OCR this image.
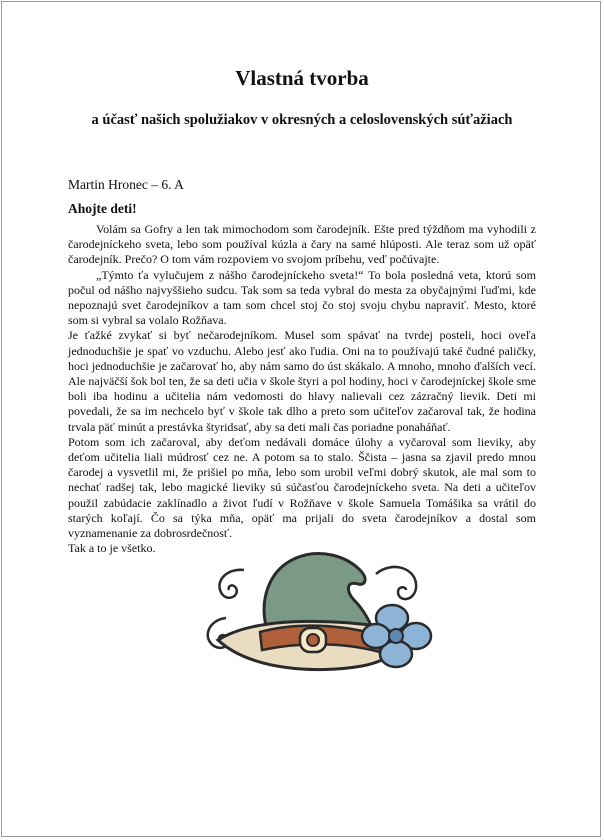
Vlastná tvorba
a účasť našich spolužiakov v okresných a celoslovenských súťažiach

Martin Hronec – 6. A

Ahojte deti!

Volám sa Gofry a len tak mimochodom som čarodejník. Ešte pred týždňom ma vyhodili z čarodejníckeho sveta, lebo som používal kúzla a čary na samé hlúposti. Ale teraz som už opäť čarodejník. Prečo? O tom vám rozpoviem vo svojom príbehu, veď počúvajte.

„Týmto ťa vylučujem z nášho čarodejníckeho sveta!“ To bola posledná veta, ktorú som počul od nášho najvyššieho sudcu. Tak som sa teda vybral do mesta za obyčajnými ľuďmi, kde nepoznajú svet čarodejníkov a tam som chcel stoj čo stoj svoju chybu napraviť. Mesto, ktoré som si vybral sa volalo Rožňava.

Je ťažké zvykať si byť nečarodejníkom. Musel som spávať na tvrdej posteli, hoci oveľa jednoduchšie je spať vo vzduchu. Alebo jesť ako ľudia. Oni na to používajú také čudné paličky, hoci jednoduchšie je začarovať ho, aby nám samo do úst skákalo. A mnoho, mnoho ďalších vecí. Ale najväčší šok bol ten, že sa deti učia v škole štyri a pol hodiny, hoci v čarodejníckej škole sme boli iba hodinu a učitelia nám vedomosti do hlavy nalievali cez zázračný lievik. Deti mi povedali, že sa im nechcelo byť v škole tak dlho a preto som učiteľov začaroval tak, že hodina trvala päť minút a prestávka štyridsať, aby sa deti mali čas poriadne ponaháňať.

Potom som ich začaroval, aby deťom nedávali domáce úlohy a vyčaroval som lieviky, aby deťom učitelia liali múdrosť cez ne. A potom sa to stalo. Ščista – jasna sa zjavil predo mnou čarodej a vysvetlil mi, že prišiel po mňa, lebo som urobil veľmi dobrý skutok, ale mal som to nechať radšej tak, lebo magické lieviky sú súčasťou čarodejníckeho sveta. Na deti a učiteľov použil zabúdacie zaklínadlo a život ľudí v Rožňave v škole Samuela Tomášika sa vrátil do starých koľají. Čo sa týka mňa, opäť ma prijali do sveta čarodejníkov a dostal som vyznamenanie za dobrosrdečnosť.

Tak a to je všetko.
